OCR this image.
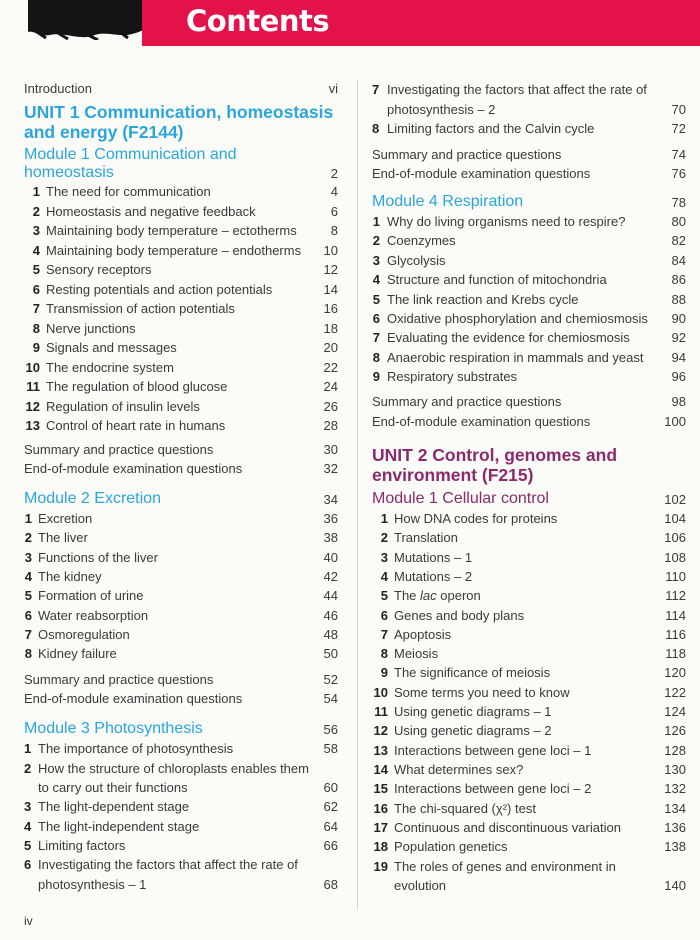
Contents
Introduction	vi
UNIT 1 Communication, homeostasis
and energy (F2144)
Module 1 Communication and
homeostasis	2
1 The need for communication	4
2 Homeostasis and negative feedback	6
3 Maintaining body temperature – ectotherms	8
4 Maintaining body temperature – endotherms	10
5 Sensory receptors	12
6 Resting potentials and action potentials	14
7 Transmission of action potentials	16
8 Nerve junctions	18
9 Signals and messages	20
10 The endocrine system	22
11 The regulation of blood glucose	24
12 Regulation of insulin levels	26
13 Control of heart rate in humans	28
Summary and practice questions	30
End-of-module examination questions	32
Module 2 Excretion	34
1 Excretion	36
2 The liver	38
3 Functions of the liver	40
4 The kidney	42
5 Formation of urine	44
6 Water reabsorption	46
7 Osmoregulation	48
8 Kidney failure	50
Summary and practice questions	52
End-of-module examination questions	54
Module 3 Photosynthesis	56
1 The importance of photosynthesis	58
2 How the structure of chloroplasts enables them
to carry out their functions	60
3 The light-dependent stage	62
4 The light-independent stage	64
5 Limiting factors	66
6 Investigating the factors that affect the rate of
photosynthesis – 1	68
7 Investigating the factors that affect the rate of
photosynthesis – 2	70
8 Limiting factors and the Calvin cycle	72
Summary and practice questions	74
End-of-module examination questions	76
Module 4 Respiration	78
1 Why do living organisms need to respire?	80
2 Coenzymes	82
3 Glycolysis	84
4 Structure and function of mitochondria	86
5 The link reaction and Krebs cycle	88
6 Oxidative phosphorylation and chemiosmosis	90
7 Evaluating the evidence for chemiosmosis	92
8 Anaerobic respiration in mammals and yeast	94
9 Respiratory substrates	96
Summary and practice questions	98
End-of-module examination questions	100
UNIT 2 Control, genomes and
environment (F215)
Module 1 Cellular control	102
1 How DNA codes for proteins	104
2 Translation	106
3 Mutations – 1	108
4 Mutations – 2	110
5 The lac operon	112
6 Genes and body plans	114
7 Apoptosis	116
8 Meiosis	118
9 The significance of meiosis	120
10 Some terms you need to know	122
11 Using genetic diagrams – 1	124
12 Using genetic diagrams – 2	126
13 Interactions between gene loci – 1	128
14 What determines sex?	130
15 Interactions between gene loci – 2	132
16 The chi-squared (χ²) test	134
17 Continuous and discontinuous variation	136
18 Population genetics	138
19 The roles of genes and environment in
evolution	140
iv
